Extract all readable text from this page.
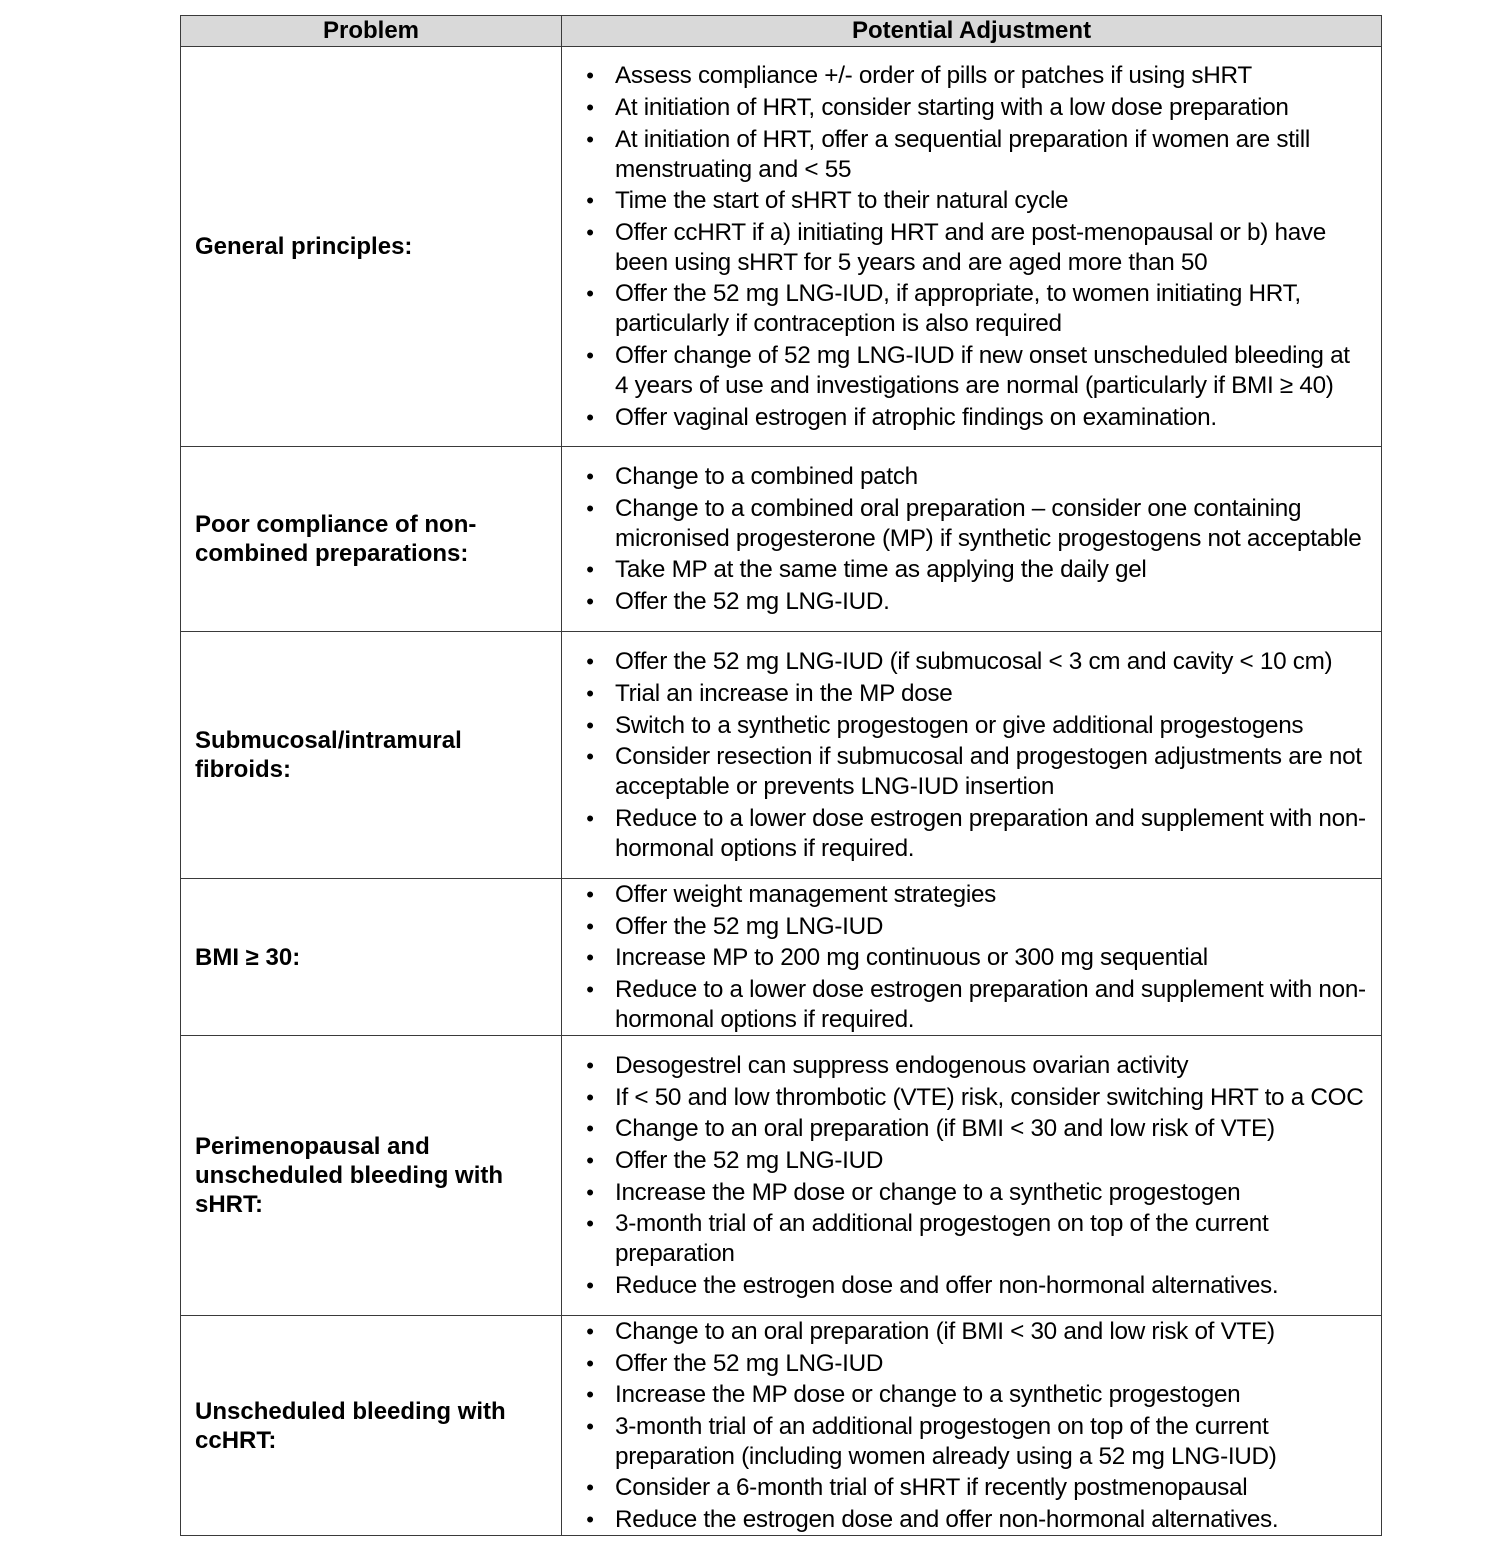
Problem	Potential Adjustment
General principles:	
• Assess compliance +/- order of pills or patches if using sHRT
• At initiation of HRT, consider starting with a low dose preparation
• At initiation of HRT, offer a sequential preparation if women are still menstruating and < 55
• Time the start of sHRT to their natural cycle
• Offer ccHRT if a) initiating HRT and are post-menopausal or b) have been using sHRT for 5 years and are aged more than 50
• Offer the 52 mg LNG-IUD, if appropriate, to women initiating HRT, particularly if contraception is also required
• Offer change of 52 mg LNG-IUD if new onset unscheduled bleeding at 4 years of use and investigations are normal (particularly if BMI ≥ 40)
• Offer vaginal estrogen if atrophic findings on examination.

Poor compliance of non-combined preparations:	
• Change to a combined patch
• Change to a combined oral preparation – consider one containing micronised progesterone (MP) if synthetic progestogens not acceptable
• Take MP at the same time as applying the daily gel
• Offer the 52 mg LNG-IUD.

Submucosal/intramural fibroids:	
• Offer the 52 mg LNG-IUD (if submucosal < 3 cm and cavity < 10 cm)
• Trial an increase in the MP dose
• Switch to a synthetic progestogen or give additional progestogens
• Consider resection if submucosal and progestogen adjustments are not acceptable or prevents LNG-IUD insertion
• Reduce to a lower dose estrogen preparation and supplement with non-hormonal options if required.

BMI ≥ 30:	
• Offer weight management strategies
• Offer the 52 mg LNG-IUD
• Increase MP to 200 mg continuous or 300 mg sequential
• Reduce to a lower dose estrogen preparation and supplement with non-hormonal options if required.

Perimenopausal and unscheduled bleeding with sHRT:	
• Desogestrel can suppress endogenous ovarian activity
• If < 50 and low thrombotic (VTE) risk, consider switching HRT to a COC
• Change to an oral preparation (if BMI < 30 and low risk of VTE)
• Offer the 52 mg LNG-IUD
• Increase the MP dose or change to a synthetic progestogen
• 3-month trial of an additional progestogen on top of the current preparation
• Reduce the estrogen dose and offer non-hormonal alternatives.

Unscheduled bleeding with ccHRT:	
• Change to an oral preparation (if BMI < 30 and low risk of VTE)
• Offer the 52 mg LNG-IUD
• Increase the MP dose or change to a synthetic progestogen
• 3-month trial of an additional progestogen on top of the current preparation (including women already using a 52 mg LNG-IUD)
• Consider a 6-month trial of sHRT if recently postmenopausal
• Reduce the estrogen dose and offer non-hormonal alternatives.
